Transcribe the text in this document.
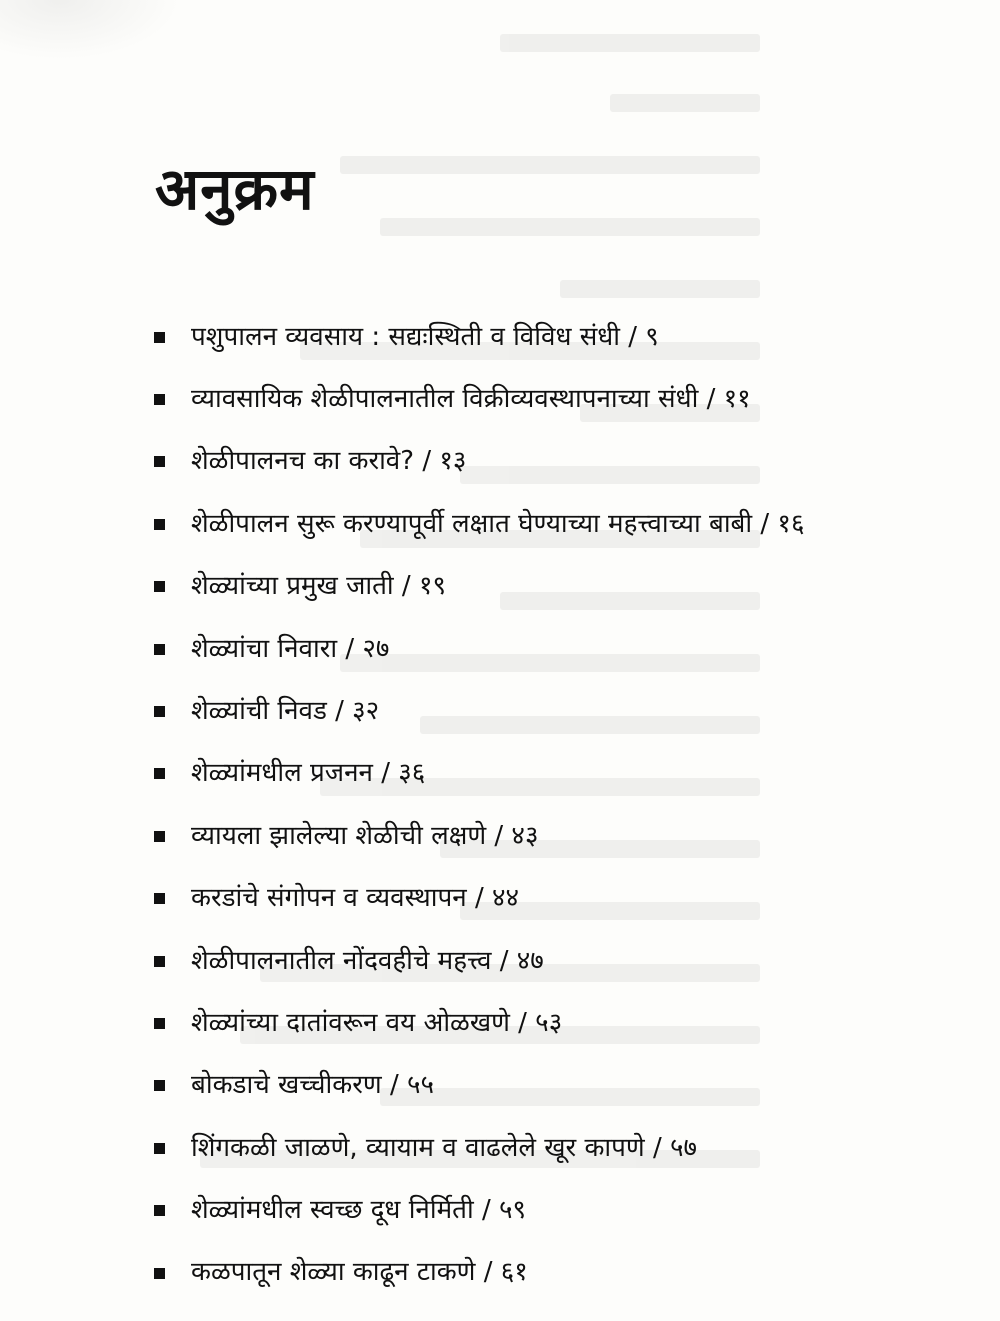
अनुक्रम
पशुपालन व्यवसाय : सद्यःस्थिती व विविध संधी / ९
व्यावसायिक शेळीपालनातील विक्रीव्यवस्थापनाच्या संधी / ११
शेळीपालनच का करावे? / १३
शेळीपालन सुरू करण्यापूर्वी लक्षात घेण्याच्या महत्त्वाच्या बाबी / १६
शेळ्यांच्या प्रमुख जाती / १९
शेळ्यांचा निवारा / २७
शेळ्यांची निवड / ३२
शेळ्यांमधील प्रजनन / ३६
व्यायला झालेल्या शेळीची लक्षणे / ४३
करडांचे संगोपन व व्यवस्थापन / ४४
शेळीपालनातील नोंदवहीचे महत्त्व / ४७
शेळ्यांच्या दातांवरून वय ओळखणे / ५३
बोकडाचे खच्चीकरण / ५५
शिंगकळी जाळणे, व्यायाम व वाढलेले खूर कापणे / ५७
शेळ्यांमधील स्वच्छ दूध निर्मिती / ५९
कळपातून शेळ्या काढून टाकणे / ६१
